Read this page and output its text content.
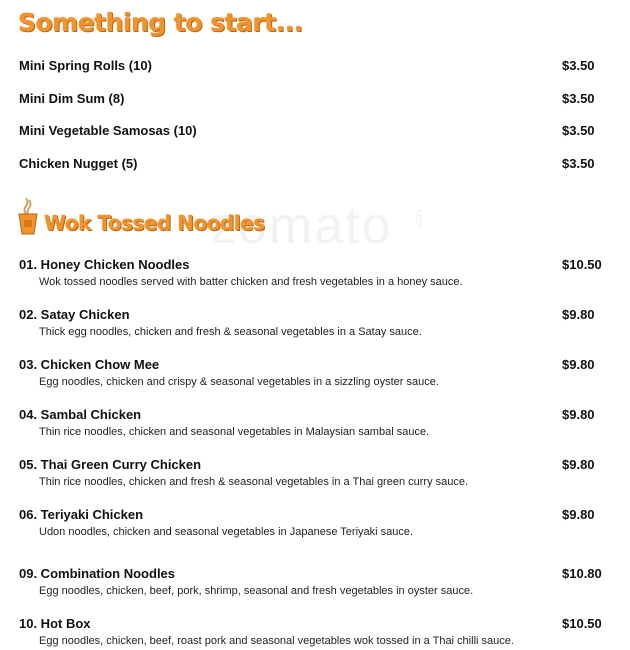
Something to start...
Mini Spring Rolls (10)	$3.50
Mini Dim Sum (8)	$3.50
Mini Vegetable Samosas (10)	$3.50
Chicken Nugget (5)	$3.50
zomato .com
Wok Tossed Noodles
01. Honey Chicken Noodles	$10.50
Wok tossed noodles served with batter chicken and fresh vegetables in a honey sauce.
02. Satay Chicken	$9.80
Thick egg noodles, chicken and fresh & seasonal vegetables in a Satay sauce.
03. Chicken Chow Mee	$9.80
Egg noodles, chicken and crispy & seasonal vegetables in a sizzling oyster sauce.
04. Sambal Chicken	$9.80
Thin rice noodles, chicken and seasonal vegetables in Malaysian sambal sauce.
05. Thai Green Curry Chicken	$9.80
Thin rice noodles, chicken and fresh & seasonal vegetables in a Thai green curry sauce.
06. Teriyaki Chicken	$9.80
Udon noodles, chicken and seasonal vegetables in Japanese Teriyaki sauce.
09. Combination Noodles	$10.80
Egg noodles, chicken, beef, pork, shrimp, seasonal and fresh vegetables in oyster sauce.
10. Hot Box	$10.50
Egg noodles, chicken, beef, roast pork and seasonal vegetables wok tossed in a Thai chilli sauce.
